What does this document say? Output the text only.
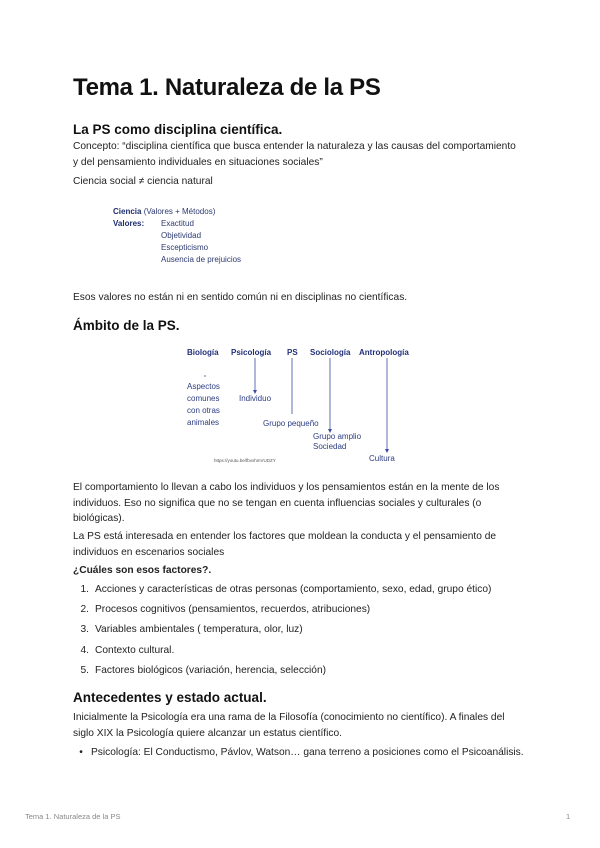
Tema 1. Naturaleza de la PS
La PS como disciplina científica.
Concepto: “disciplina científica que busca entender la naturaleza y las causas del comportamiento
y del pensamiento individuales en situaciones sociales”
Ciencia social ≠ ciencia natural
Ciencia (Valores + Métodos)
Valores: Exactitud
Objetividad
Escepticismo
Ausencia de prejuicios
Esos valores no están ni en sentido común ni en disciplinas no científicas.
Ámbito de la PS.
Biología Psicología PS Sociología Antropología
Aspectos
comunes
con otras
animales
Individuo
Grupo pequeño
Grupo amplio
Sociedad
Cultura
https://youtu.be/fbvxhmVUDZY
El comportamiento lo llevan a cabo los individuos y los pensamientos están en la mente de los
individuos. Eso no significa que no se tengan en cuenta influencias sociales y culturales (o
biológicas).
La PS está interesada en entender los factores que moldean la conducta y el pensamiento de
individuos en escenarios sociales
¿Cuáles son esos factores?.
1. Acciones y características de otras personas (comportamiento, sexo, edad, grupo ético)
2. Procesos cognitivos (pensamientos, recuerdos, atribuciones)
3. Variables ambientales ( temperatura, olor, luz)
4. Contexto cultural.
5. Factores biológicos (variación, herencia, selección)
Antecedentes y estado actual.
Inicialmente la Psicología era una rama de la Filosofía (conocimiento no científico). A finales del
siglo XIX la Psicología quiere alcanzar un estatus científico.
• Psicología: El Conductismo, Pávlov, Watson… gana terreno a posiciones como el Psicoanálisis.
Tema 1. Naturaleza de la PS	1
